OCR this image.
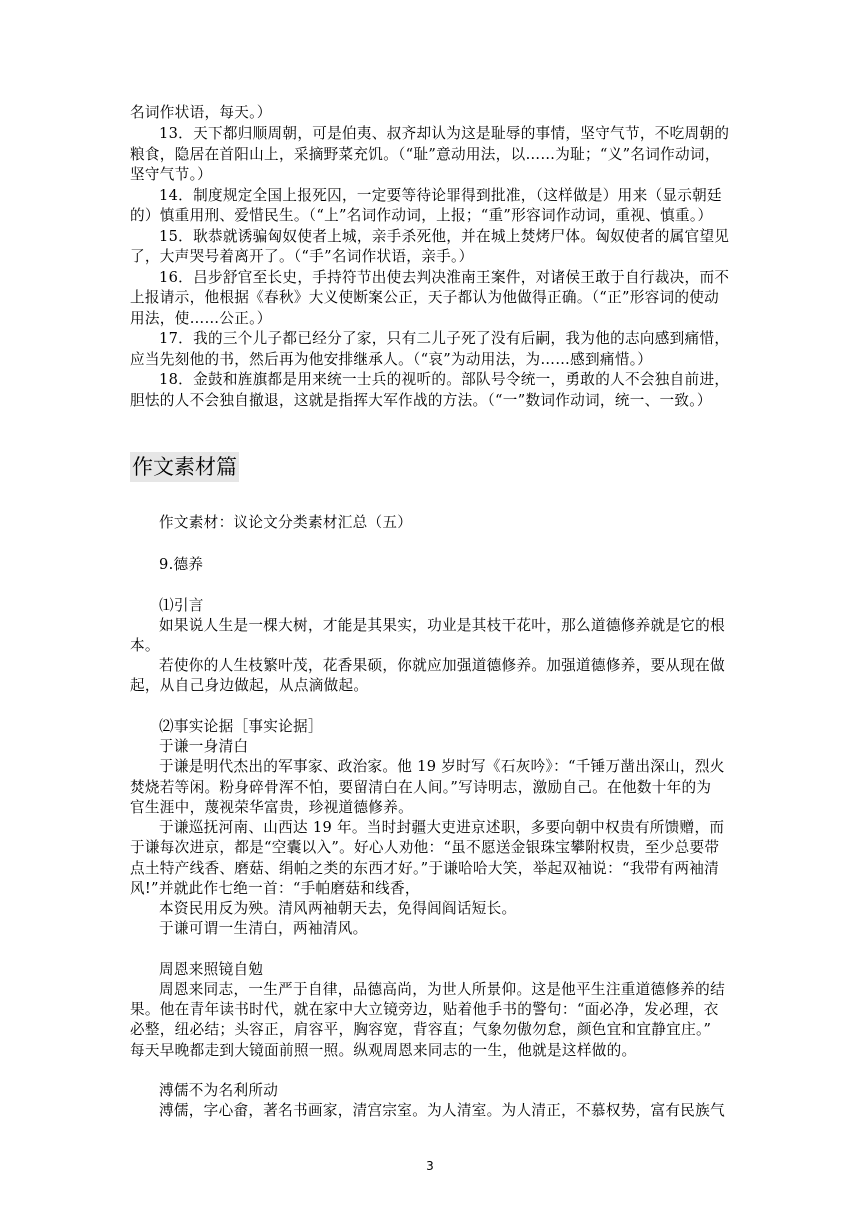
名词作状语，每天。）
13．天下都归顺周朝，可是伯夷、叔齐却认为这是耻辱的事情，坚守气节，不吃周朝的
粮食，隐居在首阳山上，采摘野菜充饥。（“耻”意动用法，以……为耻；“义”名词作动词，
坚守气节。）
14．制度规定全国上报死囚，一定要等待论罪得到批准，（这样做是）用来（显示朝廷
的）慎重用刑、爱惜民生。（“上”名词作动词，上报；“重”形容词作动词，重视、慎重。）
15．耿恭就诱骗匈奴使者上城，亲手杀死他，并在城上焚烤尸体。匈奴使者的属官望见
了，大声哭号着离开了。（“手”名词作状语，亲手。）
16．吕步舒官至长史，手持符节出使去判决淮南王案件，对诸侯王敢于自行裁决，而不
上报请示，他根据《春秋》大义使断案公正，天子都认为他做得正确。（“正”形容词的使动
用法，使……公正。）
17．我的三个儿子都已经分了家，只有二儿子死了没有后嗣，我为他的志向感到痛惜，
应当先刻他的书，然后再为他安排继承人。（“哀”为动用法，为……感到痛惜。）
18．金鼓和旌旗都是用来统一士兵的视听的。部队号令统一，勇敢的人不会独自前进，
胆怯的人不会独自撤退，这就是指挥大军作战的方法。（“一”数词作动词，统一、一致。）
作文素材篇
作文素材：议论文分类素材汇总（五）
9.德养
⑴引言
如果说人生是一棵大树，才能是其果实，功业是其枝干花叶，那么道德修养就是它的根
本。
若使你的人生枝繁叶茂，花香果硕，你就应加强道德修养。加强道德修养，要从现在做
起，从自己身边做起，从点滴做起。
⑵事实论据［事实论据］
于谦一身清白
于谦是明代杰出的军事家、政治家。他 19 岁时写《石灰吟》：“千锤万凿出深山，烈火
焚烧若等闲。粉身碎骨浑不怕，要留清白在人间。”写诗明志，激励自己。在他数十年的为
官生涯中，蔑视荣华富贵，珍视道德修养。
于谦巡抚河南、山西达 19 年。当时封疆大吏进京述职，多要向朝中权贵有所馈赠，而
于谦每次进京，都是“空囊以入”。好心人劝他：“虽不愿送金银珠宝攀附权贵，至少总要带
点土特产线香、磨菇、绢帕之类的东西才好。”于谦哈哈大笑，举起双袖说：“我带有两袖清
风!”并就此作七绝一首：“手帕磨菇和线香，
本资民用反为殃。清风两袖朝天去，免得闾阎话短长。
于谦可谓一生清白，两袖清风。
周恩来照镜自勉
周恩来同志，一生严于自律，品德高尚，为世人所景仰。这是他平生注重道德修养的结
果。他在青年读书时代，就在家中大立镜旁边，贴着他手书的警句：“面必净，发必理，衣
必整，纽必结；头容正，肩容平，胸容宽，背容直；气象勿傲勿怠，颜色宜和宜静宜庄。”
每天早晚都走到大镜面前照一照。纵观周恩来同志的一生，他就是这样做的。
溥儒不为名利所动
溥儒，字心畲，著名书画家，清宫宗室。为人清室。为人清正，不慕权势，富有民族气
3
